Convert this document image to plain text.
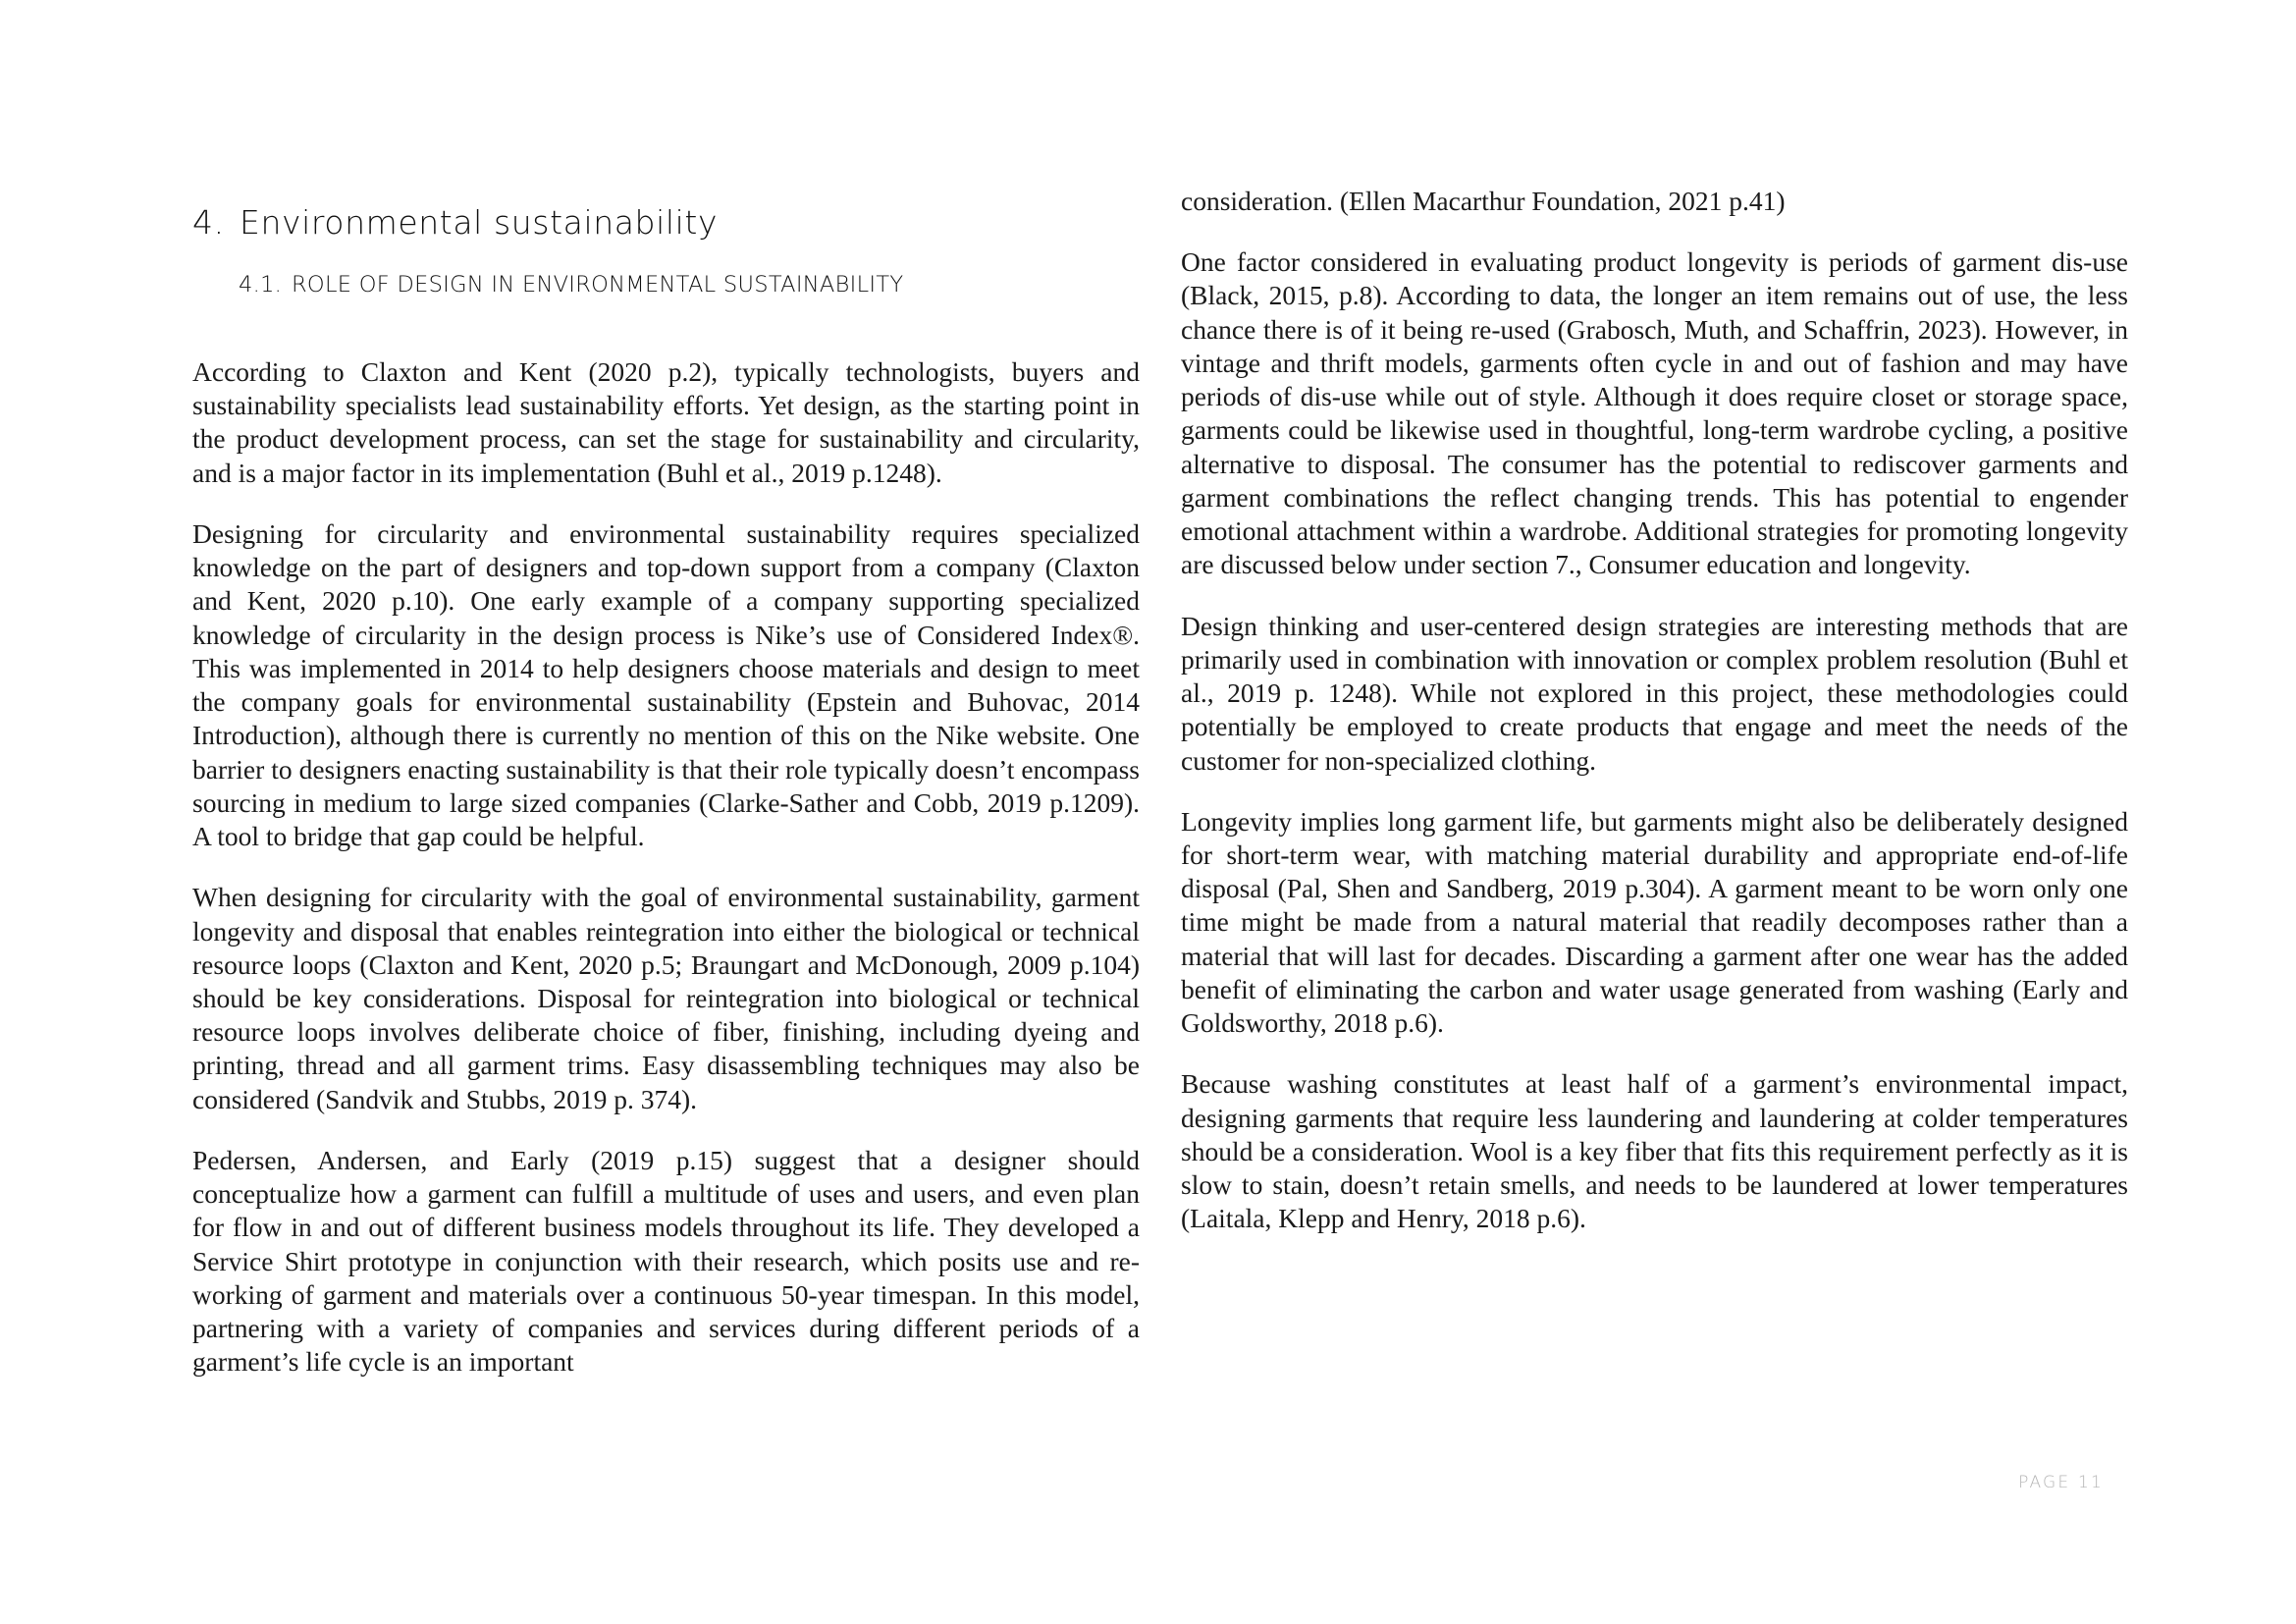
4. Environmental sustainability
4.1. ROLE OF DESIGN IN ENVIRONMENTAL SUSTAINABILITY

According to Claxton and Kent (2020 p.2), typically technologists, buyers and sustainability specialists lead sustainability efforts. Yet design, as the starting point in the product development process, can set the stage for sustainability and circularity, and is a major factor in its implementation (Buhl et al., 2019 p.1248).

Designing for circularity and environmental sustainability requires specialized knowledge on the part of designers and top-down support from a company (Claxton and Kent, 2020 p.10). One early example of a company supporting specialized knowledge of circularity in the design process is Nike’s use of Considered Index®. This was implemented in 2014 to help designers choose materials and design to meet the company goals for environmental sustainability (Epstein and Buhovac, 2014 Introduction), although there is currently no mention of this on the Nike website. One barrier to designers enacting sustainability is that their role typically doesn’t encompass sourcing in medium to large sized companies (Clarke-Sather and Cobb, 2019 p.1209). A tool to bridge that gap could be helpful.

When designing for circularity with the goal of environmental sustainability, garment longevity and disposal that enables reintegration into either the biological or technical resource loops (Claxton and Kent, 2020 p.5; Braungart and McDonough, 2009 p.104) should be key considerations. Disposal for reintegration into biological or technical resource loops involves deliberate choice of fiber, finishing, including dyeing and printing, thread and all garment trims. Easy disassembling techniques may also be considered (Sandvik and Stubbs, 2019 p. 374).

Pedersen, Andersen, and Early (2019 p.15) suggest that a designer should conceptualize how a garment can fulfill a multitude of uses and users, and even plan for flow in and out of different business models throughout its life. They developed a Service Shirt prototype in conjunction with their research, which posits use and re-working of garment and materials over a continuous 50-year timespan. In this model, partnering with a variety of companies and services during different periods of a garment’s life cycle is an important

consideration. (Ellen Macarthur Foundation, 2021 p.41)

One factor considered in evaluating product longevity is periods of garment dis-use (Black, 2015, p.8). According to data, the longer an item remains out of use, the less chance there is of it being re-used (Grabosch, Muth, and Schaffrin, 2023). However, in vintage and thrift models, garments often cycle in and out of fashion and may have periods of dis-use while out of style. Although it does require closet or storage space, garments could be likewise used in thoughtful, long-term wardrobe cycling, a positive alternative to disposal. The consumer has the potential to rediscover garments and garment combinations the reflect changing trends. This has potential to engender emotional attachment within a wardrobe. Additional strategies for promoting longevity are discussed below under section 7., Consumer education and longevity.

Design thinking and user-centered design strategies are interesting methods that are primarily used in combination with innovation or complex problem resolution (Buhl et al., 2019 p. 1248). While not explored in this project, these methodologies could potentially be employed to create products that engage and meet the needs of the customer for non-specialized clothing.

Longevity implies long garment life, but garments might also be deliberately designed for short-term wear, with matching material durability and appropriate end-of-life disposal (Pal, Shen and Sandberg, 2019 p.304). A garment meant to be worn only one time might be made from a natural material that readily decomposes rather than a material that will last for decades. Discarding a garment after one wear has the added benefit of eliminating the carbon and water usage generated from washing (Early and Goldsworthy, 2018 p.6).

Because washing constitutes at least half of a garment’s environmental impact, designing garments that require less laundering and laundering at colder temperatures should be a consideration. Wool is a key fiber that fits this requirement perfectly as it is slow to stain, doesn’t retain smells, and needs to be laundered at lower temperatures (Laitala, Klepp and Henry, 2018 p.6).

PAGE 11
